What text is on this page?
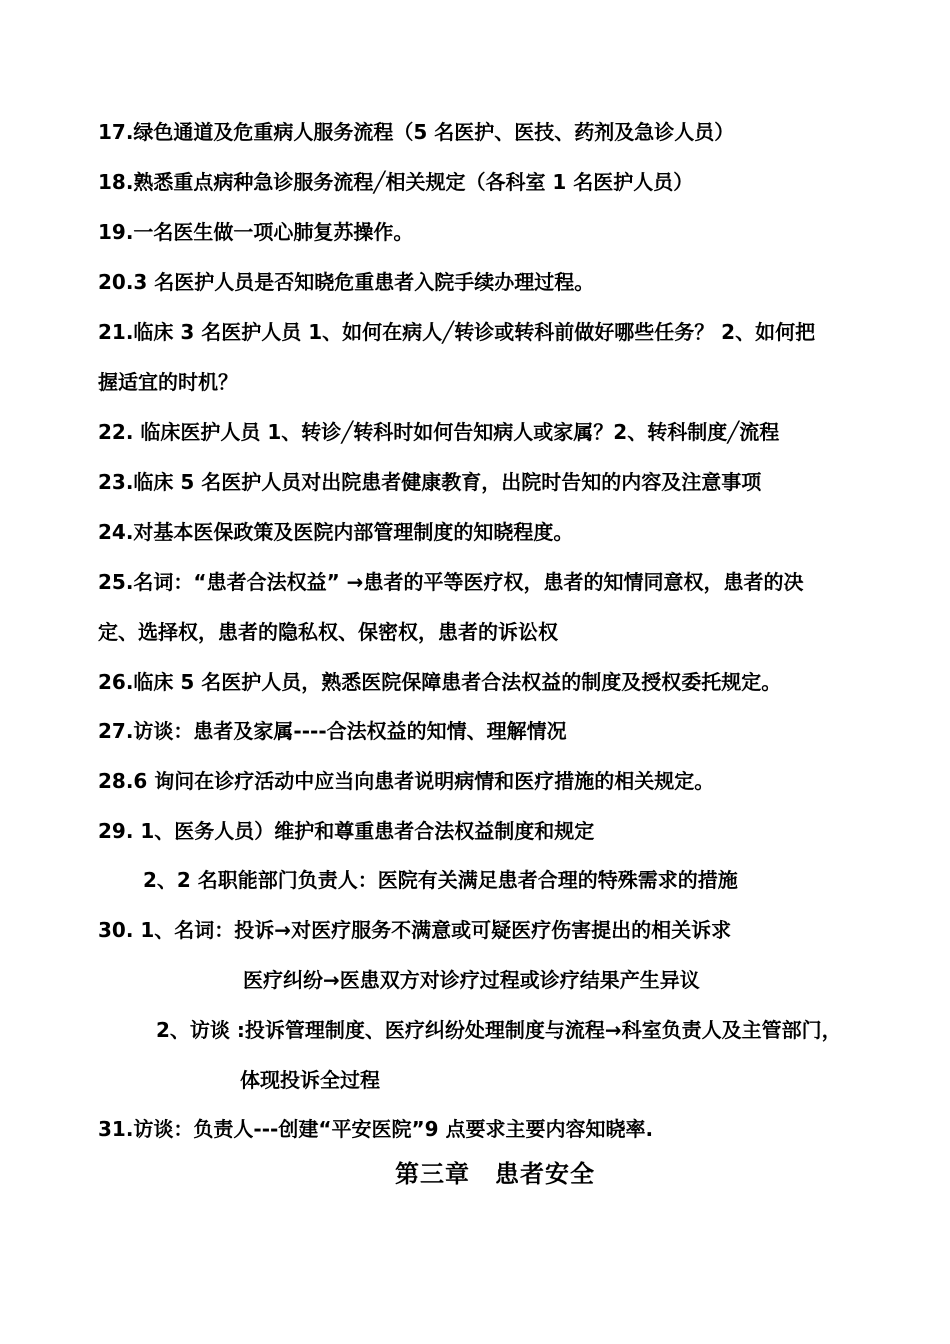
17.绿色通道及危重病人服务流程（5 名医护、医技、药剂及急诊人员）
18.熟悉重点病种急诊服务流程╱相关规定（各科室 1 名医护人员）
19.一名医生做一项心肺复苏操作。
20.3 名医护人员是否知晓危重患者入院手续办理过程。
21.临床 3 名医护人员 1、如何在病人╱转诊或转科前做好哪些任务？ 2、如何把
握适宜的时机？
22. 临床医护人员 1、转诊╱转科时如何告知病人或家属？2、转科制度╱流程
23.临床 5 名医护人员对出院患者健康教育，出院时告知的内容及注意事项
24.对基本医保政策及医院内部管理制度的知晓程度。
25.名词：“患者合法权益” →患者的平等医疗权，患者的知情同意权，患者的决
定、选择权，患者的隐私权、保密权，患者的诉讼权
26.临床 5 名医护人员，熟悉医院保障患者合法权益的制度及授权委托规定。
27.访谈：患者及家属----合法权益的知情、理解情况
28.6 询问在诊疗活动中应当向患者说明病情和医疗措施的相关规定。
29. 1、医务人员）维护和尊重患者合法权益制度和规定
2、2 名职能部门负责人：医院有关满足患者合理的特殊需求的措施
30. 1、名词：投诉→对医疗服务不满意或可疑医疗伤害提出的相关诉求
医疗纠纷→医患双方对诊疗过程或诊疗结果产生异议
2、访谈 :投诉管理制度、医疗纠纷处理制度与流程→科室负责人及主管部门，
体现投诉全过程
31.访谈：负责人---创建“平安医院”9 点要求主要内容知晓率.
第三章　患者安全
